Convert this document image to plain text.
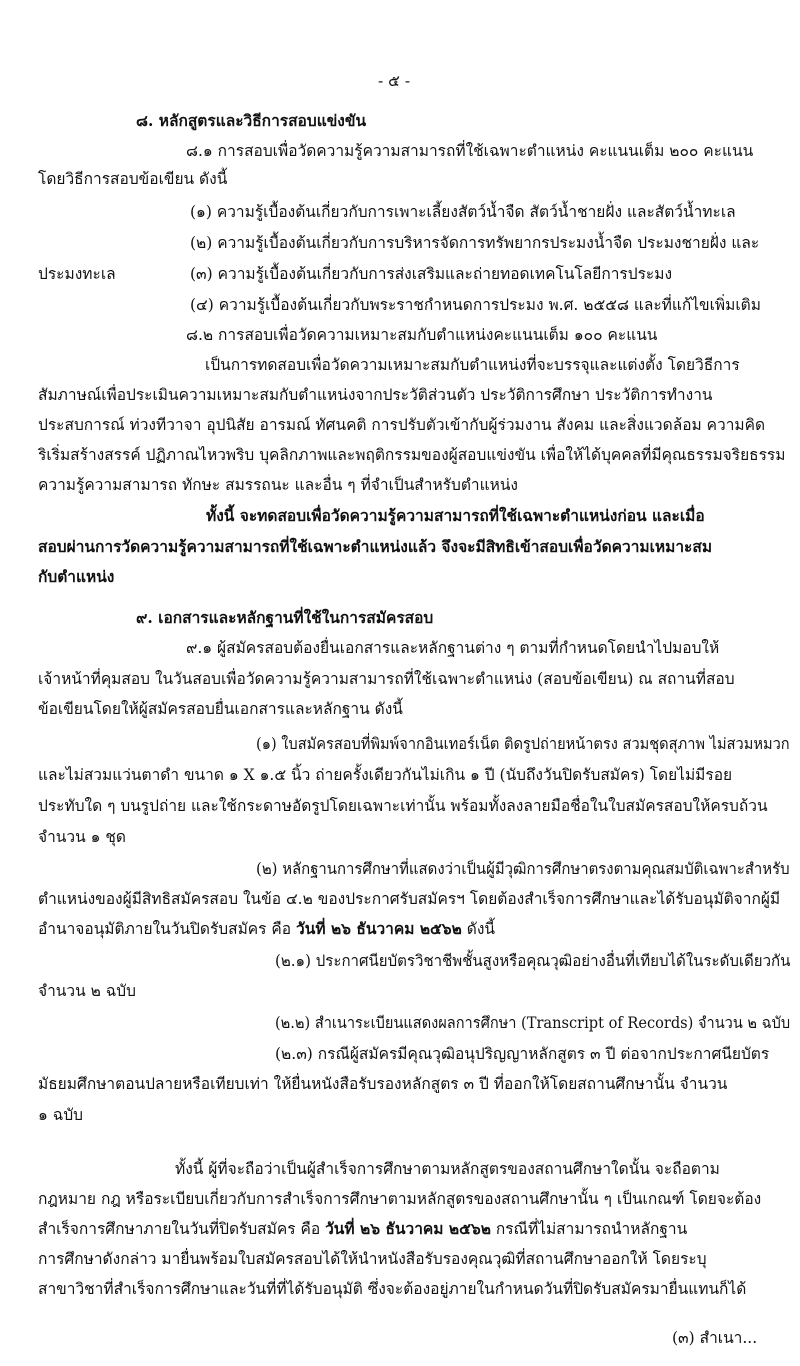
- ๕ -
๘. หลักสูตรและวิธีการสอบแข่งขัน
๘.๑ การสอบเพื่อวัดความรู้ความสามารถที่ใช้เฉพาะตำแหน่ง คะแนนเต็ม ๒๐๐ คะแนน
โดยวิธีการสอบข้อเขียน ดังนี้
(๑) ความรู้เบื้องต้นเกี่ยวกับการเพาะเลี้ยงสัตว์น้ำจืด สัตว์น้ำชายฝั่ง และสัตว์น้ำทะเล
(๒) ความรู้เบื้องต้นเกี่ยวกับการบริหารจัดการทรัพยากรประมงน้ำจืด ประมงชายฝั่ง และ
ประมงทะเล	(๓) ความรู้เบื้องต้นเกี่ยวกับการส่งเสริมและถ่ายทอดเทคโนโลยีการประมง
(๔) ความรู้เบื้องต้นเกี่ยวกับพระราชกำหนดการประมง พ.ศ. ๒๕๕๘ และที่แก้ไขเพิ่มเติม
๘.๒ การสอบเพื่อวัดความเหมาะสมกับตำแหน่งคะแนนเต็ม ๑๐๐ คะแนน
เป็นการทดสอบเพื่อวัดความเหมาะสมกับตำแหน่งที่จะบรรจุและแต่งตั้ง โดยวิธีการ
สัมภาษณ์เพื่อประเมินความเหมาะสมกับตำแหน่งจากประวัติส่วนตัว ประวัติการศึกษา ประวัติการทำงาน
ประสบการณ์ ท่วงทีวาจา อุปนิสัย อารมณ์ ทัศนคติ การปรับตัวเข้ากับผู้ร่วมงาน สังคม และสิ่งแวดล้อม ความคิด
ริเริ่มสร้างสรรค์ ปฏิภาณไหวพริบ บุคลิกภาพและพฤติกรรมของผู้สอบแข่งขัน เพื่อให้ได้บุคคลที่มีคุณธรรมจริยธรรม
ความรู้ความสามารถ ทักษะ สมรรถนะ และอื่น ๆ ที่จำเป็นสำหรับตำแหน่ง
ทั้งนี้ จะทดสอบเพื่อวัดความรู้ความสามารถที่ใช้เฉพาะตำแหน่งก่อน และเมื่อ
สอบผ่านการวัดความรู้ความสามารถที่ใช้เฉพาะตำแหน่งแล้ว จึงจะมีสิทธิเข้าสอบเพื่อวัดความเหมาะสม
กับตำแหน่ง
๙. เอกสารและหลักฐานที่ใช้ในการสมัครสอบ
๙.๑ ผู้สมัครสอบต้องยื่นเอกสารและหลักฐานต่าง ๆ ตามที่กำหนดโดยนำไปมอบให้
เจ้าหน้าที่คุมสอบ ในวันสอบเพื่อวัดความรู้ความสามารถที่ใช้เฉพาะตำแหน่ง (สอบข้อเขียน) ณ สถานที่สอบ
ข้อเขียนโดยให้ผู้สมัครสอบยื่นเอกสารและหลักฐาน ดังนี้
(๑) ใบสมัครสอบที่พิมพ์จากอินเทอร์เน็ต ติดรูปถ่ายหน้าตรง สวมชุดสุภาพ ไม่สวมหมวก
และไม่สวมแว่นตาดำ ขนาด ๑ X ๑.๕ นิ้ว ถ่ายครั้งเดียวกันไม่เกิน ๑ ปี (นับถึงวันปิดรับสมัคร) โดยไม่มีรอย
ประทับใด ๆ บนรูปถ่าย และใช้กระดาษอัดรูปโดยเฉพาะเท่านั้น พร้อมทั้งลงลายมือชื่อในใบสมัครสอบให้ครบถ้วน
จำนวน ๑ ชุด
(๒) หลักฐานการศึกษาที่แสดงว่าเป็นผู้มีวุฒิการศึกษาตรงตามคุณสมบัติเฉพาะสำหรับ
ตำแหน่งของผู้มีสิทธิสมัครสอบ ในข้อ ๔.๒ ของประกาศรับสมัครฯ โดยต้องสำเร็จการศึกษาและได้รับอนุมัติจากผู้มี
อำนาจอนุมัติภายในวันปิดรับสมัคร คือ วันที่ ๒๖ ธันวาคม ๒๕๖๒ ดังนี้
(๒.๑) ประกาศนียบัตรวิชาชีพชั้นสูงหรือคุณวุฒิอย่างอื่นที่เทียบได้ในระดับเดียวกัน
จำนวน ๒ ฉบับ
(๒.๒) สำเนาระเบียนแสดงผลการศึกษา (Transcript of Records) จำนวน ๒ ฉบับ
(๒.๓) กรณีผู้สมัครมีคุณวุฒิอนุปริญญาหลักสูตร ๓ ปี ต่อจากประกาศนียบัตร
มัธยมศึกษาตอนปลายหรือเทียบเท่า ให้ยื่นหนังสือรับรองหลักสูตร ๓ ปี ที่ออกให้โดยสถานศึกษานั้น จำนวน
๑ ฉบับ
ทั้งนี้ ผู้ที่จะถือว่าเป็นผู้สำเร็จการศึกษาตามหลักสูตรของสถานศึกษาใดนั้น จะถือตาม
กฎหมาย กฎ หรือระเบียบเกี่ยวกับการสำเร็จการศึกษาตามหลักสูตรของสถานศึกษานั้น ๆ เป็นเกณฑ์ โดยจะต้อง
สำเร็จการศึกษาภายในวันที่ปิดรับสมัคร คือ วันที่ ๒๖ ธันวาคม ๒๕๖๒ กรณีที่ไม่สามารถนำหลักฐาน
การศึกษาดังกล่าว มายื่นพร้อมใบสมัครสอบได้ให้นำหนังสือรับรองคุณวุฒิที่สถานศึกษาออกให้ โดยระบุ
สาขาวิชาที่สำเร็จการศึกษาและวันที่ที่ได้รับอนุมัติ ซึ่งจะต้องอยู่ภายในกำหนดวันที่ปิดรับสมัครมายื่นแทนก็ได้
(๓) สำเนา...
